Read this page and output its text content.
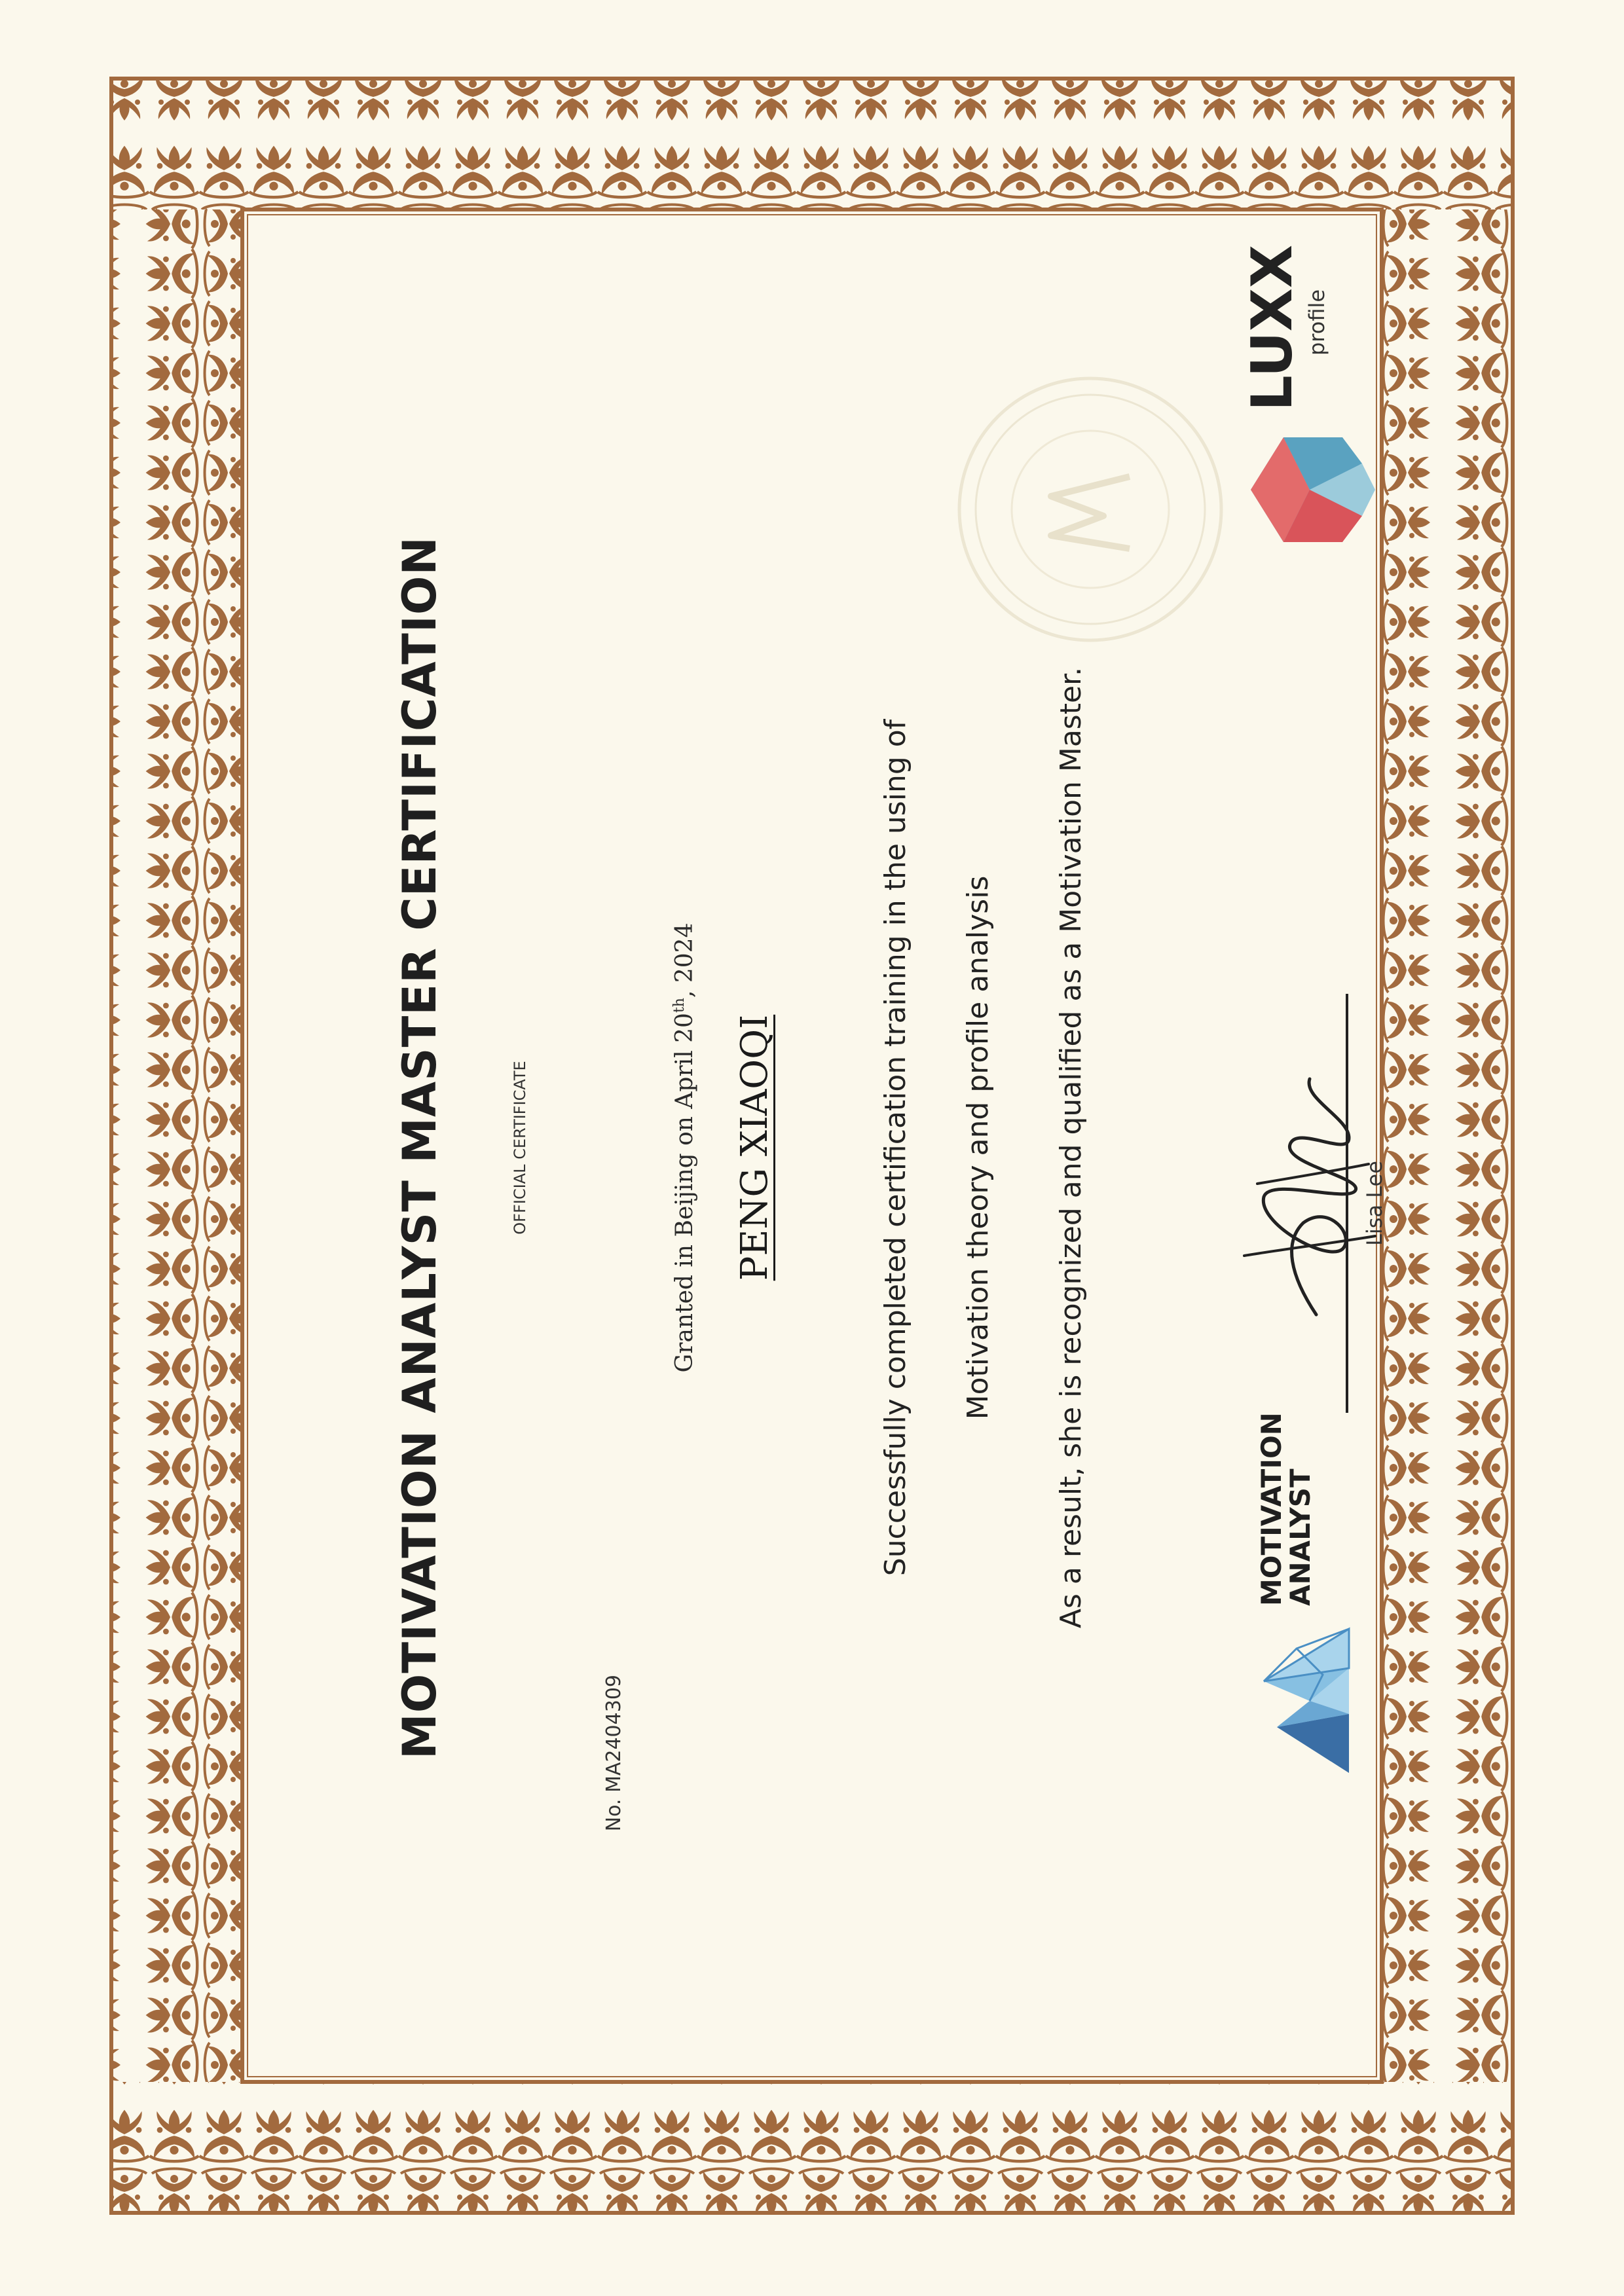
MOTIVATION ANALYST MASTER CERTIFICATION	OFFICIAL CERTIFICATE
No. MA2404309
Granted in Beijing on April 20th, 2024
PENG XIAOQI	Successfully completed certification training in the using of Motivation theory and profile analysis As a result, she is recognized and qualified as a Motivation Master.	MOTIVATION
ANALYST
Lisa Lee
LUXX profile
